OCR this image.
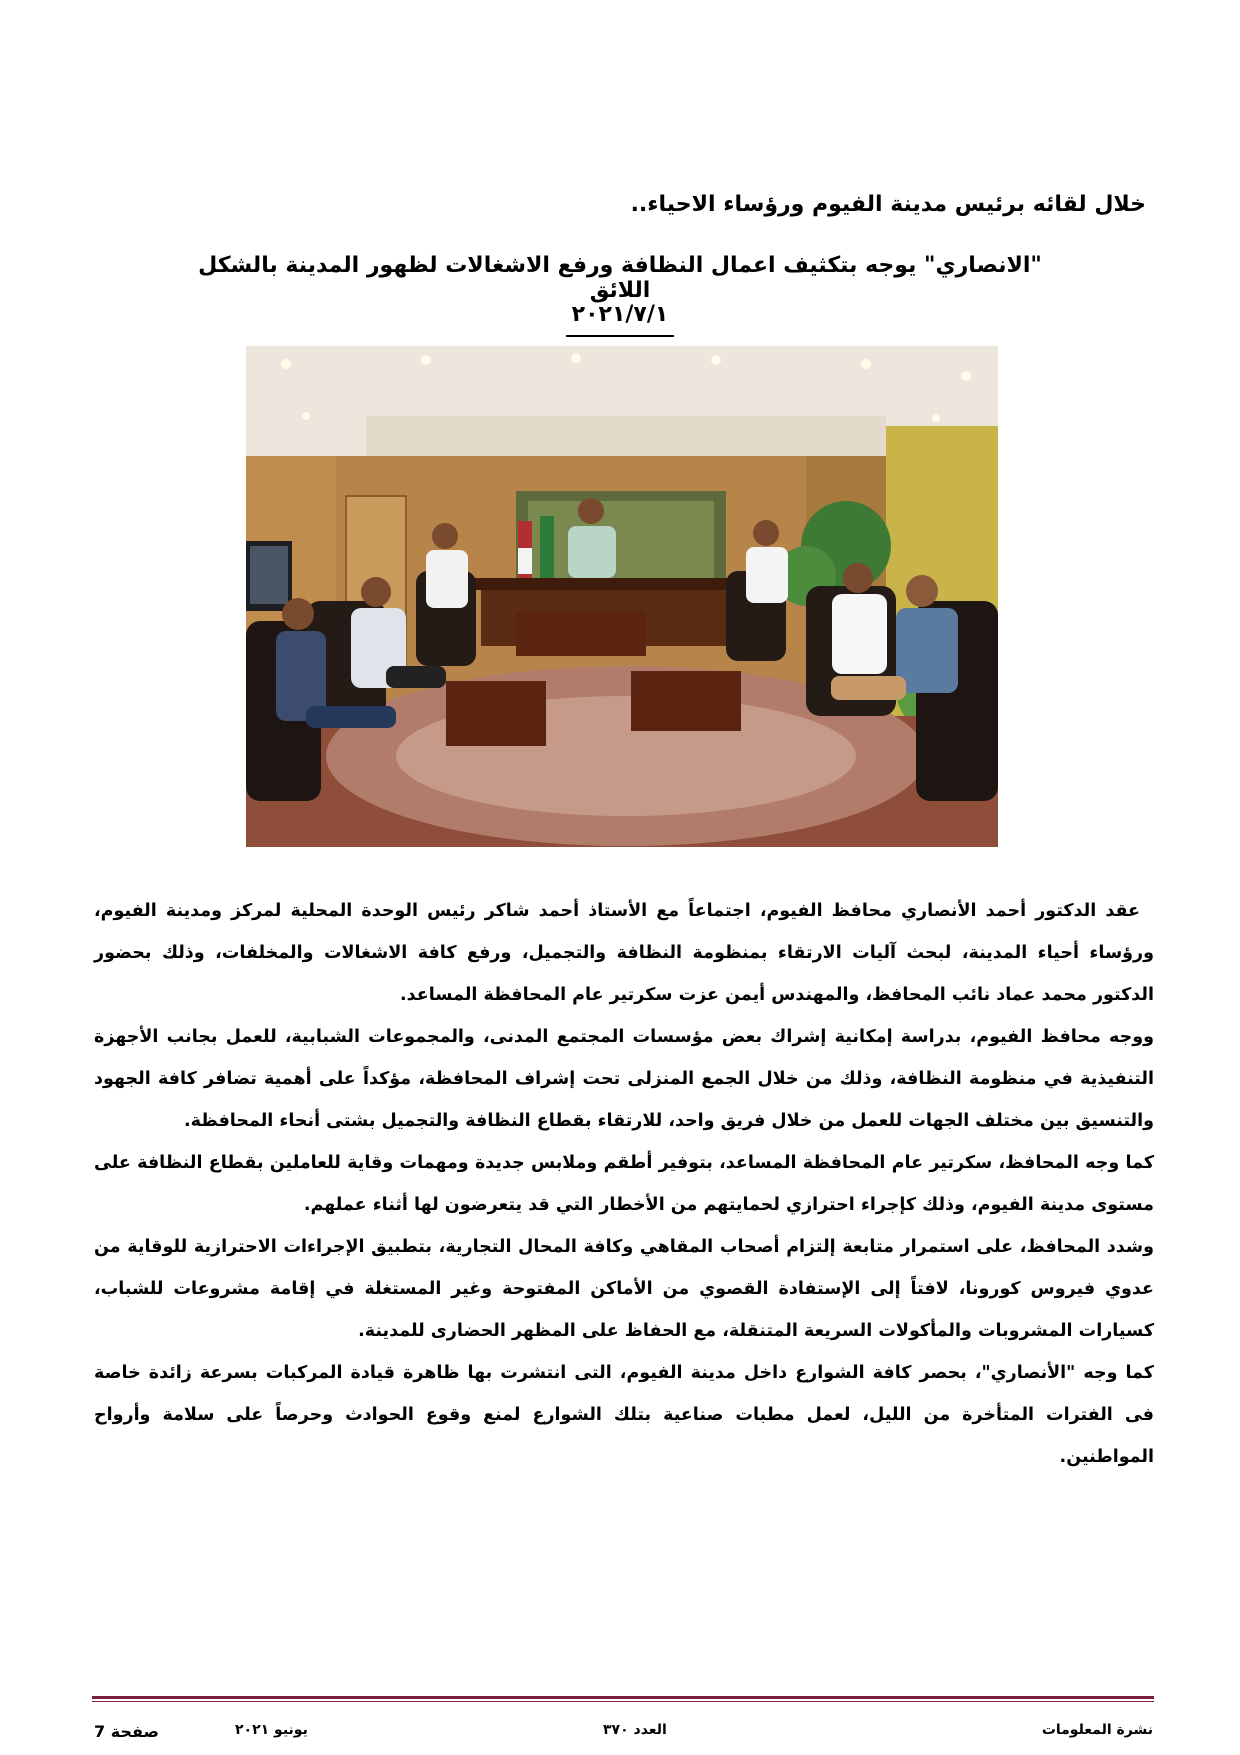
خلال لقائه برئيس مدينة الفيوم ورؤساء الاحياء..
"الانصاري" يوجه بتكثيف اعمال النظافة ورفع الاشغالات لظهور المدينة بالشكل اللائق
٢٠٢١/٧/١

عقد الدكتور أحمد الأنصاري محافظ الفيوم، اجتماعاً مع الأستاذ أحمد شاكر رئيس الوحدة المحلية لمركز ومدينة الفيوم، ورؤساء أحياء المدينة، لبحث آليات الارتقاء بمنظومة النظافة والتجميل، ورفع كافة الاشغالات والمخلفات، وذلك بحضور الدكتور محمد عماد نائب المحافظ، والمهندس أيمن عزت سكرتير عام المحافظة المساعد.

ووجه محافظ الفيوم، بدراسة إمكانية إشراك بعض مؤسسات المجتمع المدنى، والمجموعات الشبابية، للعمل بجانب الأجهزة التنفيذية في منظومة النظافة، وذلك من خلال الجمع المنزلى تحت إشراف المحافظة، مؤكداً على أهمية تضافر كافة الجهود والتنسيق بين مختلف الجهات للعمل من خلال فريق واحد، للارتقاء بقطاع النظافة والتجميل بشتى أنحاء المحافظة.

كما وجه المحافظ، سكرتير عام المحافظة المساعد، بتوفير أطقم وملابس جديدة ومهمات وقاية للعاملين بقطاع النظافة على مستوى مدينة الفيوم، وذلك كإجراء احترازي لحمايتهم من الأخطار التي قد يتعرضون لها أثناء عملهم.

وشدد المحافظ، على استمرار متابعة إلتزام أصحاب المقاهي وكافة المحال التجارية، بتطبيق الإجراءات الاحترازية للوقاية من عدوي فيروس كورونا، لافتاً إلى الإستفادة القصوي من الأماكن المفتوحة وغير المستغلة في إقامة مشروعات للشباب، كسيارات المشروبات والمأكولات السريعة المتنقلة، مع الحفاظ على المظهر الحضارى للمدينة.

كما وجه "الأنصاري"، بحصر كافة الشوارع داخل مدينة الفيوم، التى انتشرت بها ظاهرة قيادة المركبات بسرعة زائدة خاصة فى الفترات المتأخرة من الليل، لعمل مطبات صناعية بتلك الشوارع لمنع وقوع الحوادث وحرصاً على سلامة وأرواح المواطنين.

نشرة المعلومات
العدد ٣٧٠
يونيو ٢٠٢١
صفحة 7
